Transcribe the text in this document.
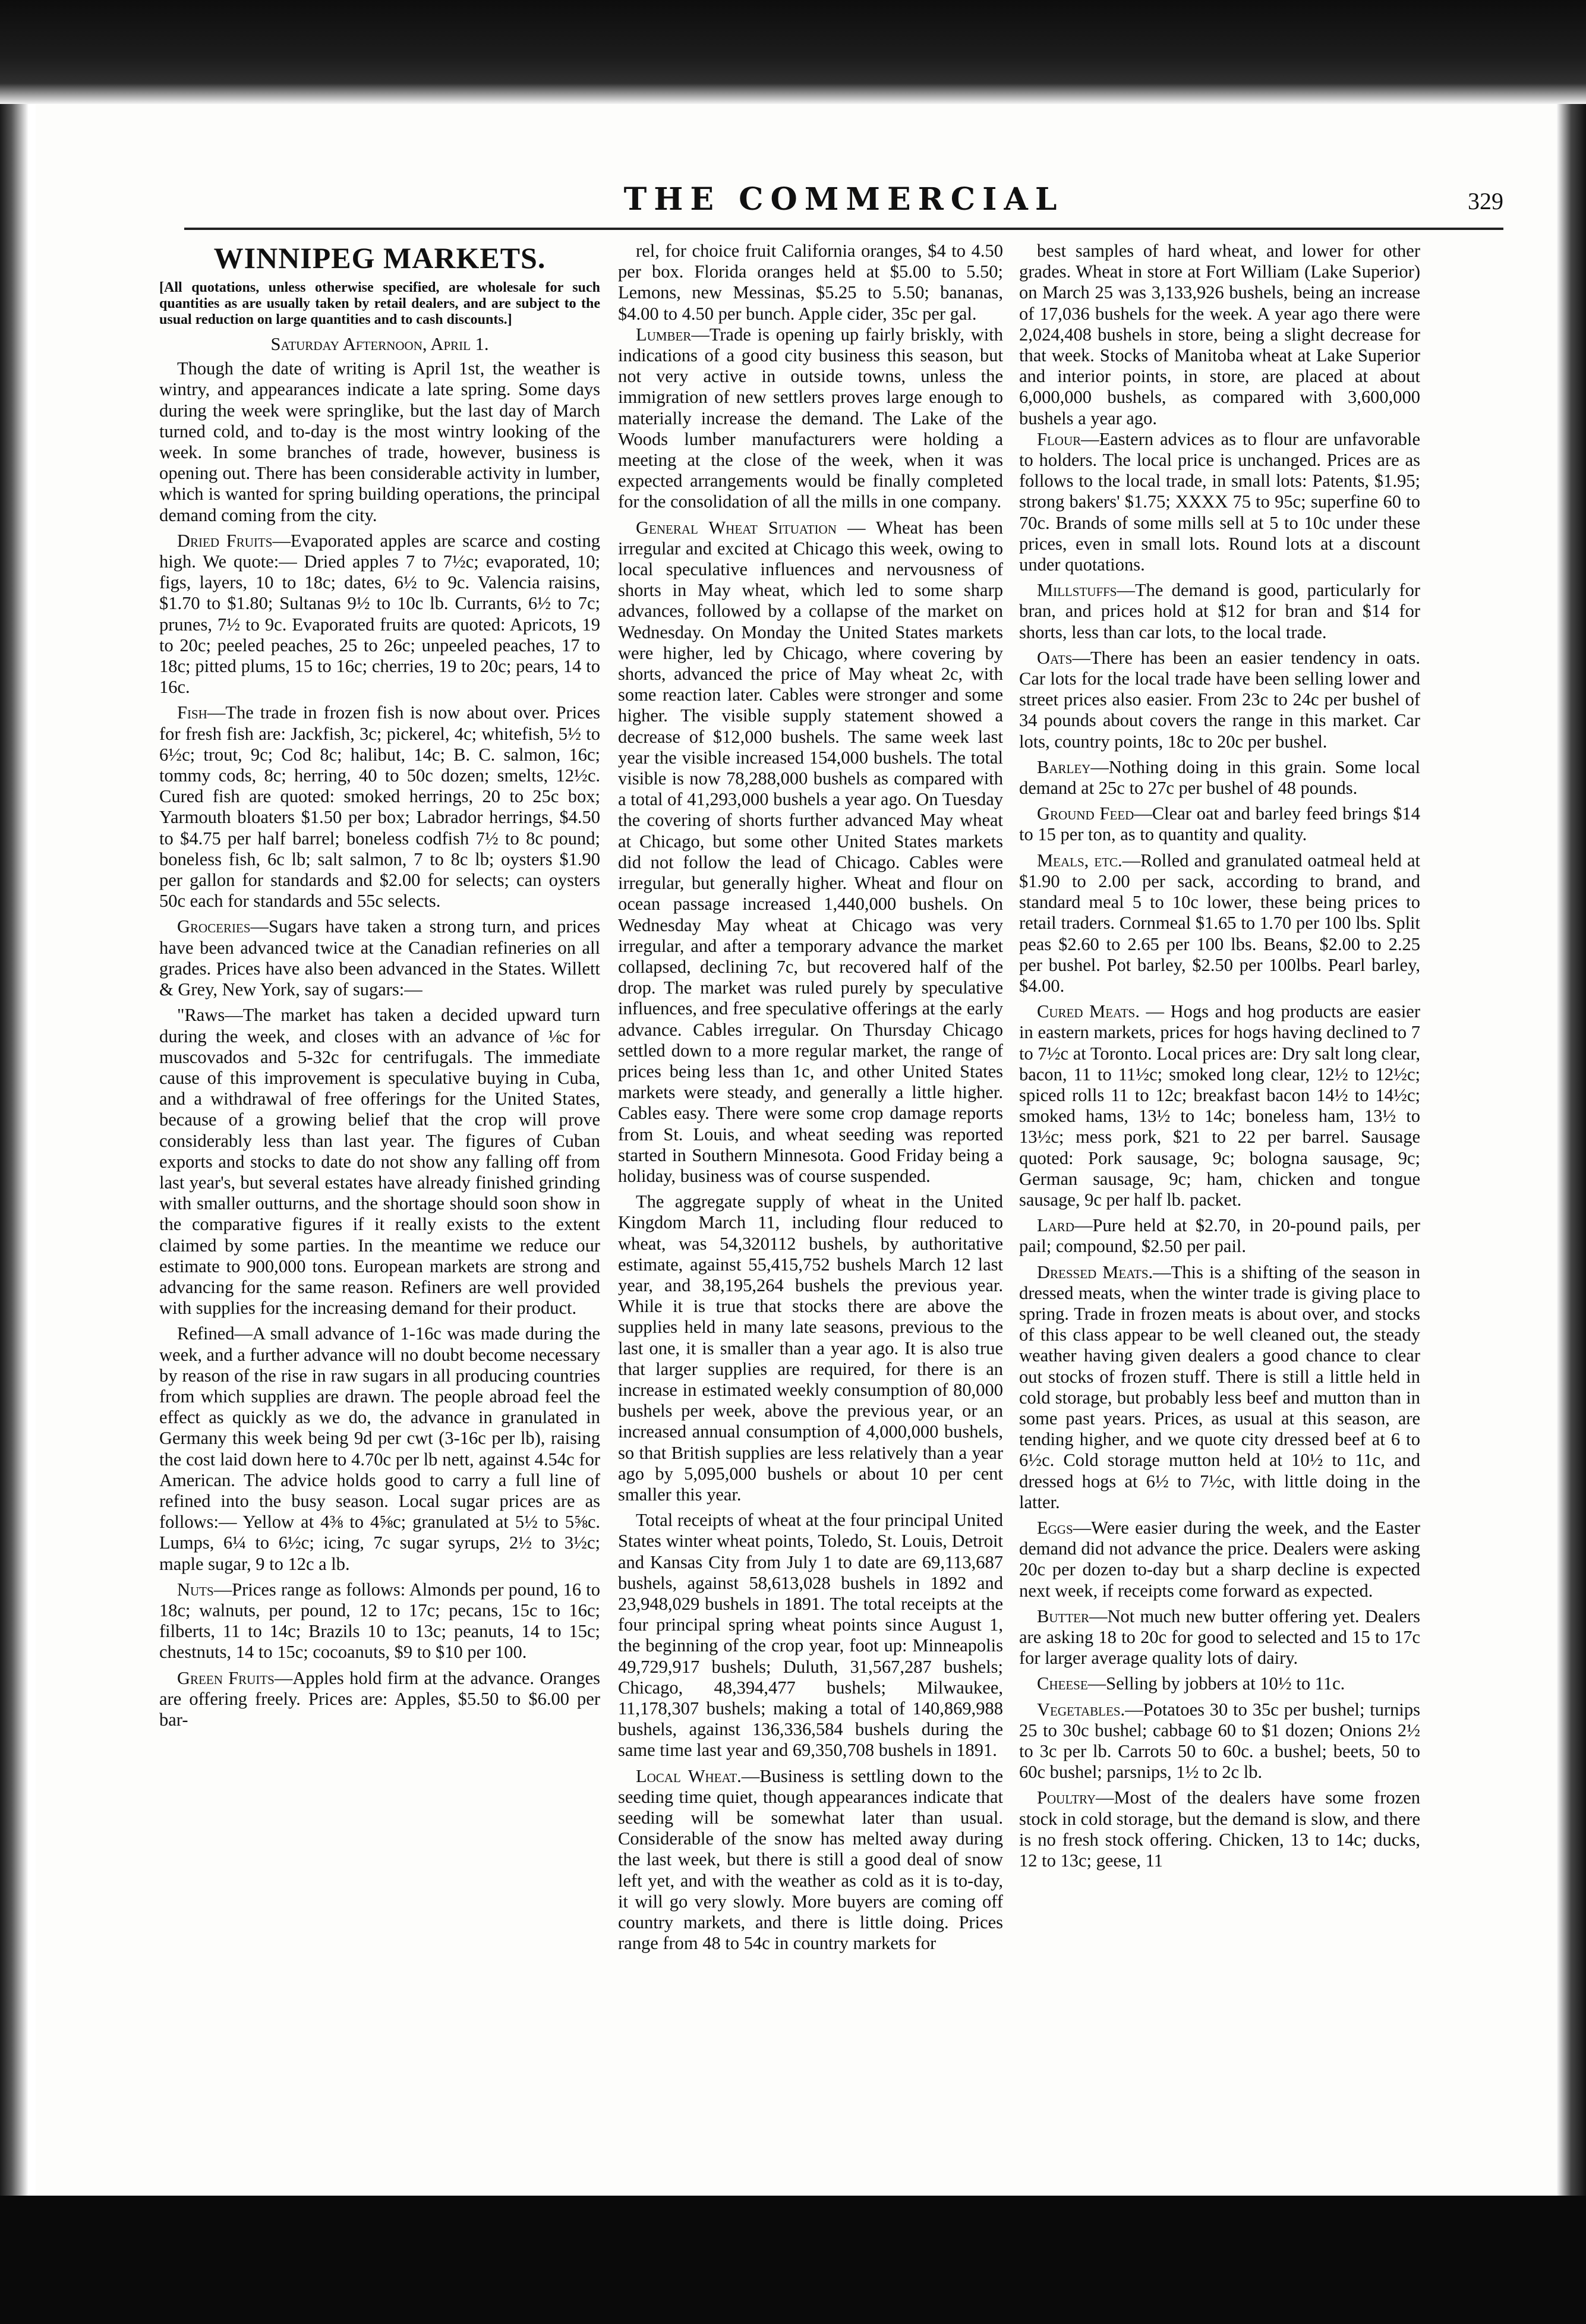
THE COMMERCIAL	329
WINNIPEG MARKETS.
[All quotations, unless otherwise specified, are wholesale for such quantities as are usually taken by retail dealers, and are subject to the usual reduction on large quantities and to cash discounts.]
Saturday Afternoon, April 1.

Though the date of writing is April 1st, the weather is wintry, and appearances indicate a late spring. Some days during the week were springlike, but the last day of March turned cold, and to-day is the most wintry looking of the week. In some branches of trade, however, business is opening out. There has been considerable activity in lumber, which is wanted for spring building operations, the principal demand coming from the city.

Dried Fruits—Evaporated apples are scarce and costing high. We quote:— Dried apples 7 to 7½c; evaporated, 10; figs, layers, 10 to 18c; dates, 6½ to 9c. Valencia raisins, $1.70 to $1.80; Sultanas 9½ to 10c lb. Currants, 6½ to 7c; prunes, 7½ to 9c. Evaporated fruits are quoted: Apricots, 19 to 20c; peeled peaches, 25 to 26c; unpeeled peaches, 17 to 18c; pitted plums, 15 to 16c; cherries, 19 to 20c; pears, 14 to 16c.

Fish—The trade in frozen fish is now about over. Prices for fresh fish are: Jackfish, 3c; pickerel, 4c; whitefish, 5½ to 6½c; trout, 9c; Cod 8c; halibut, 14c; B. C. salmon, 16c; tommy cods, 8c; herring, 40 to 50c dozen; smelts, 12½c. Cured fish are quoted: smoked herrings, 20 to 25c box; Yarmouth bloaters $1.50 per box; Labrador herrings, $4.50 to $4.75 per half barrel; boneless codfish 7½ to 8c pound; boneless fish, 6c lb; salt salmon, 7 to 8c lb; oysters $1.90 per gallon for standards and $2.00 for selects; can oysters 50c each for standards and 55c selects.

Groceries—Sugars have taken a strong turn, and prices have been advanced twice at the Canadian refineries on all grades. Prices have also been advanced in the States. Willett & Grey, New York, say of sugars:—

"Raws—The market has taken a decided upward turn during the week, and closes with an advance of ⅛c for muscovados and 5-32c for centrifugals. The immediate cause of this improvement is speculative buying in Cuba, and a withdrawal of free offerings for the United States, because of a growing belief that the crop will prove considerably less than last year. The figures of Cuban exports and stocks to date do not show any falling off from last year's, but several estates have already finished grinding with smaller outturns, and the shortage should soon show in the comparative figures if it really exists to the extent claimed by some parties. In the meantime we reduce our estimate to 900,000 tons. European markets are strong and advancing for the same reason. Refiners are well provided with supplies for the increasing demand for their product.

Refined—A small advance of 1-16c was made during the week, and a further advance will no doubt become necessary by reason of the rise in raw sugars in all producing countries from which supplies are drawn. The people abroad feel the effect as quickly as we do, the advance in granulated in Germany this week being 9d per cwt (3-16c per lb), raising the cost laid down here to 4.70c per lb nett, against 4.54c for American. The advice holds good to carry a full line of refined into the busy season. Local sugar prices are as follows:— Yellow at 4⅜ to 4⅝c; granulated at 5½ to 5⅝c. Lumps, 6¼ to 6½c; icing, 7c sugar syrups, 2½ to 3½c; maple sugar, 9 to 12c a lb.

Nuts—Prices range as follows: Almonds per pound, 16 to 18c; walnuts, per pound, 12 to 17c; pecans, 15c to 16c; filberts, 11 to 14c; Brazils 10 to 13c; peanuts, 14 to 15c; chestnuts, 14 to 15c; cocoanuts, $9 to $10 per 100.

Green Fruits—Apples hold firm at the advance. Oranges are offering freely. Prices are: Apples, $5.50 to $6.00 per bar-

rel, for choice fruit California oranges, $4 to 4.50 per box. Florida oranges held at $5.00 to 5.50; Lemons, new Messinas, $5.25 to 5.50; bananas, $4.00 to 4.50 per bunch. Apple cider, 35c per gal.

Lumber—Trade is opening up fairly briskly, with indications of a good city business this season, but not very active in outside towns, unless the immigration of new settlers proves large enough to materially increase the demand. The Lake of the Woods lumber manufacturers were holding a meeting at the close of the week, when it was expected arrangements would be finally completed for the consolidation of all the mills in one company.

General Wheat Situation — Wheat has been irregular and excited at Chicago this week, owing to local speculative influences and nervousness of shorts in May wheat, which led to some sharp advances, followed by a collapse of the market on Wednesday. On Monday the United States markets were higher, led by Chicago, where covering by shorts, advanced the price of May wheat 2c, with some reaction later. Cables were stronger and some higher. The visible supply statement showed a decrease of $12,000 bushels. The same week last year the visible increased 154,000 bushels. The total visible is now 78,288,000 bushels as compared with a total of 41,293,000 bushels a year ago. On Tuesday the covering of shorts further advanced May wheat at Chicago, but some other United States markets did not follow the lead of Chicago. Cables were irregular, but generally higher. Wheat and flour on ocean passage increased 1,440,000 bushels. On Wednesday May wheat at Chicago was very irregular, and after a temporary advance the market collapsed, declining 7c, but recovered half of the drop. The market was ruled purely by speculative influences, and free speculative offerings at the early advance. Cables irregular. On Thursday Chicago settled down to a more regular market, the range of prices being less than 1c, and other United States markets were steady, and generally a little higher. Cables easy. There were some crop damage reports from St. Louis, and wheat seeding was reported started in Southern Minnesota. Good Friday being a holiday, business was of course suspended.

The aggregate supply of wheat in the United Kingdom March 11, including flour reduced to wheat, was 54,320112 bushels, by authoritative estimate, against 55,415,752 bushels March 12 last year, and 38,195,264 bushels the previous year. While it is true that stocks there are above the supplies held in many late seasons, previous to the last one, it is smaller than a year ago. It is also true that larger supplies are required, for there is an increase in estimated weekly consumption of 80,000 bushels per week, above the previous year, or an increased annual consumption of 4,000,000 bushels, so that British supplies are less relatively than a year ago by 5,095,000 bushels or about 10 per cent smaller this year.

Total receipts of wheat at the four principal United States winter wheat points, Toledo, St. Louis, Detroit and Kansas City from July 1 to date are 69,113,687 bushels, against 58,613,028 bushels in 1892 and 23,948,029 bushels in 1891. The total receipts at the four principal spring wheat points since August 1, the beginning of the crop year, foot up: Minneapolis 49,729,917 bushels; Duluth, 31,567,287 bushels; Chicago, 48,394,477 bushels; Milwaukee, 11,178,307 bushels; making a total of 140,869,988 bushels, against 136,336,584 bushels during the same time last year and 69,350,708 bushels in 1891.

Local Wheat.—Business is settling down to the seeding time quiet, though appearances indicate that seeding will be somewhat later than usual. Considerable of the snow has melted away during the last week, but there is still a good deal of snow left yet, and with the weather as cold as it is to-day, it will go very slowly. More buyers are coming off country markets, and there is little doing. Prices range from 48 to 54c in country markets for

best samples of hard wheat, and lower for other grades. Wheat in store at Fort William (Lake Superior) on March 25 was 3,133,926 bushels, being an increase of 17,036 bushels for the week. A year ago there were 2,024,408 bushels in store, being a slight decrease for that week. Stocks of Manitoba wheat at Lake Superior and interior points, in store, are placed at about 6,000,000 bushels, as compared with 3,600,000 bushels a year ago.

Flour—Eastern advices as to flour are unfavorable to holders. The local price is unchanged. Prices are as follows to the local trade, in small lots: Patents, $1.95; strong bakers' $1.75; XXXX 75 to 95c; superfine 60 to 70c. Brands of some mills sell at 5 to 10c under these prices, even in small lots. Round lots at a discount under quotations.

Millstuffs—The demand is good, particularly for bran, and prices hold at $12 for bran and $14 for shorts, less than car lots, to the local trade.

Oats—There has been an easier tendency in oats. Car lots for the local trade have been selling lower and street prices also easier. From 23c to 24c per bushel of 34 pounds about covers the range in this market. Car lots, country points, 18c to 20c per bushel.

Barley—Nothing doing in this grain. Some local demand at 25c to 27c per bushel of 48 pounds.

Ground Feed—Clear oat and barley feed brings $14 to 15 per ton, as to quantity and quality.

Meals, etc.—Rolled and granulated oatmeal held at $1.90 to 2.00 per sack, according to brand, and standard meal 5 to 10c lower, these being prices to retail traders. Cornmeal $1.65 to 1.70 per 100 lbs. Split peas $2.60 to 2.65 per 100 lbs. Beans, $2.00 to 2.25 per bushel. Pot barley, $2.50 per 100lbs. Pearl barley, $4.00.

Cured Meats. — Hogs and hog products are easier in eastern markets, prices for hogs having declined to 7 to 7½c at Toronto. Local prices are: Dry salt long clear, bacon, 11 to 11½c; smoked long clear, 12½ to 12½c; spiced rolls 11 to 12c; breakfast bacon 14½ to 14½c; smoked hams, 13½ to 14c; boneless ham, 13½ to 13½c; mess pork, $21 to 22 per barrel. Sausage quoted: Pork sausage, 9c; bologna sausage, 9c; German sausage, 9c; ham, chicken and tongue sausage, 9c per half lb. packet.

Lard—Pure held at $2.70, in 20-pound pails, per pail; compound, $2.50 per pail.

Dressed Meats.—This is a shifting of the season in dressed meats, when the winter trade is giving place to spring. Trade in frozen meats is about over, and stocks of this class appear to be well cleaned out, the steady weather having given dealers a good chance to clear out stocks of frozen stuff. There is still a little held in cold storage, but probably less beef and mutton than in some past years. Prices, as usual at this season, are tending higher, and we quote city dressed beef at 6 to 6½c. Cold storage mutton held at 10½ to 11c, and dressed hogs at 6½ to 7½c, with little doing in the latter.

Eggs—Were easier during the week, and the Easter demand did not advance the price. Dealers were asking 20c per dozen to-day but a sharp decline is expected next week, if receipts come forward as expected.

Butter—Not much new butter offering yet. Dealers are asking 18 to 20c for good to selected and 15 to 17c for larger average quality lots of dairy.

Cheese—Selling by jobbers at 10½ to 11c.

Vegetables.—Potatoes 30 to 35c per bushel; turnips 25 to 30c bushel; cabbage 60 to $1 dozen; Onions 2½ to 3c per lb. Carrots 50 to 60c. a bushel; beets, 50 to 60c bushel; parsnips, 1½ to 2c lb.

Poultry—Most of the dealers have some frozen stock in cold storage, but the demand is slow, and there is no fresh stock offering. Chicken, 13 to 14c; ducks, 12 to 13c; geese, 11
